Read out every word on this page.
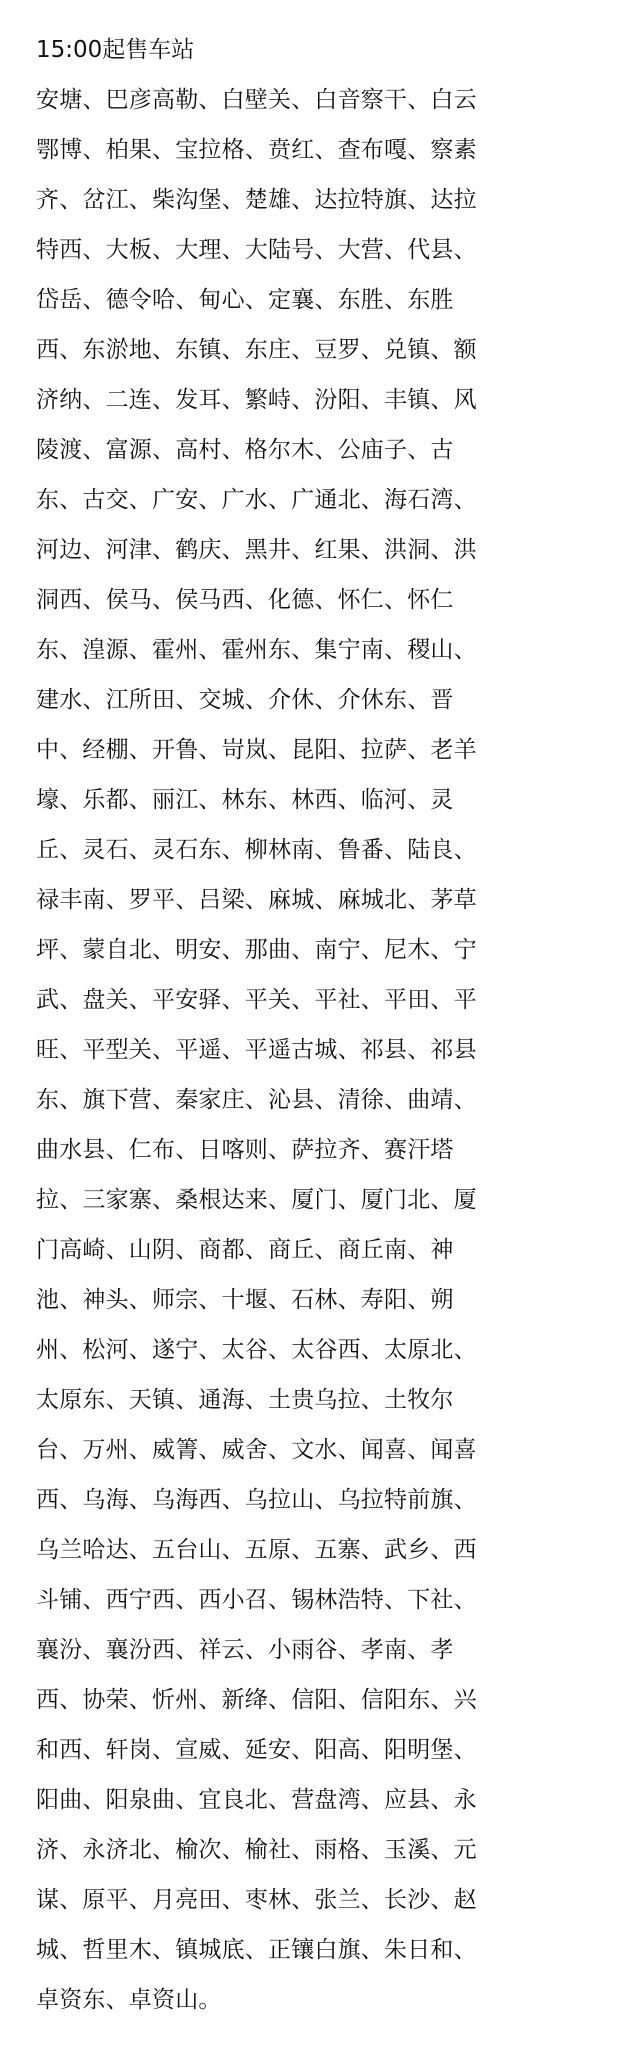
15:00起售车站
安塘、巴彦高勒、白壁关、白音察干、白云
鄂博、柏果、宝拉格、贲红、查布嘎、察素
齐、岔江、柴沟堡、楚雄、达拉特旗、达拉
特西、大板、大理、大陆号、大营、代县、
岱岳、德令哈、甸心、定襄、东胜、东胜
西、东淤地、东镇、东庄、豆罗、兑镇、额
济纳、二连、发耳、繁峙、汾阳、丰镇、风
陵渡、富源、高村、格尔木、公庙子、古
东、古交、广安、广水、广通北、海石湾、
河边、河津、鹤庆、黑井、红果、洪洞、洪
洞西、侯马、侯马西、化德、怀仁、怀仁
东、湟源、霍州、霍州东、集宁南、稷山、
建水、江所田、交城、介休、介休东、晋
中、经棚、开鲁、岢岚、昆阳、拉萨、老羊
壕、乐都、丽江、林东、林西、临河、灵
丘、灵石、灵石东、柳林南、鲁番、陆良、
禄丰南、罗平、吕梁、麻城、麻城北、茅草
坪、蒙自北、明安、那曲、南宁、尼木、宁
武、盘关、平安驿、平关、平社、平田、平
旺、平型关、平遥、平遥古城、祁县、祁县
东、旗下营、秦家庄、沁县、清徐、曲靖、
曲水县、仁布、日喀则、萨拉齐、赛汗塔
拉、三家寨、桑根达来、厦门、厦门北、厦
门高崎、山阴、商都、商丘、商丘南、神
池、神头、师宗、十堰、石林、寿阳、朔
州、松河、遂宁、太谷、太谷西、太原北、
太原东、天镇、通海、土贵乌拉、土牧尔
台、万州、威箐、威舍、文水、闻喜、闻喜
西、乌海、乌海西、乌拉山、乌拉特前旗、
乌兰哈达、五台山、五原、五寨、武乡、西
斗铺、西宁西、西小召、锡林浩特、下社、
襄汾、襄汾西、祥云、小雨谷、孝南、孝
西、协荣、忻州、新绛、信阳、信阳东、兴
和西、轩岗、宣威、延安、阳高、阳明堡、
阳曲、阳泉曲、宜良北、营盘湾、应县、永
济、永济北、榆次、榆社、雨格、玉溪、元
谋、原平、月亮田、枣林、张兰、长沙、赵
城、哲里木、镇城底、正镶白旗、朱日和、
卓资东、卓资山。
